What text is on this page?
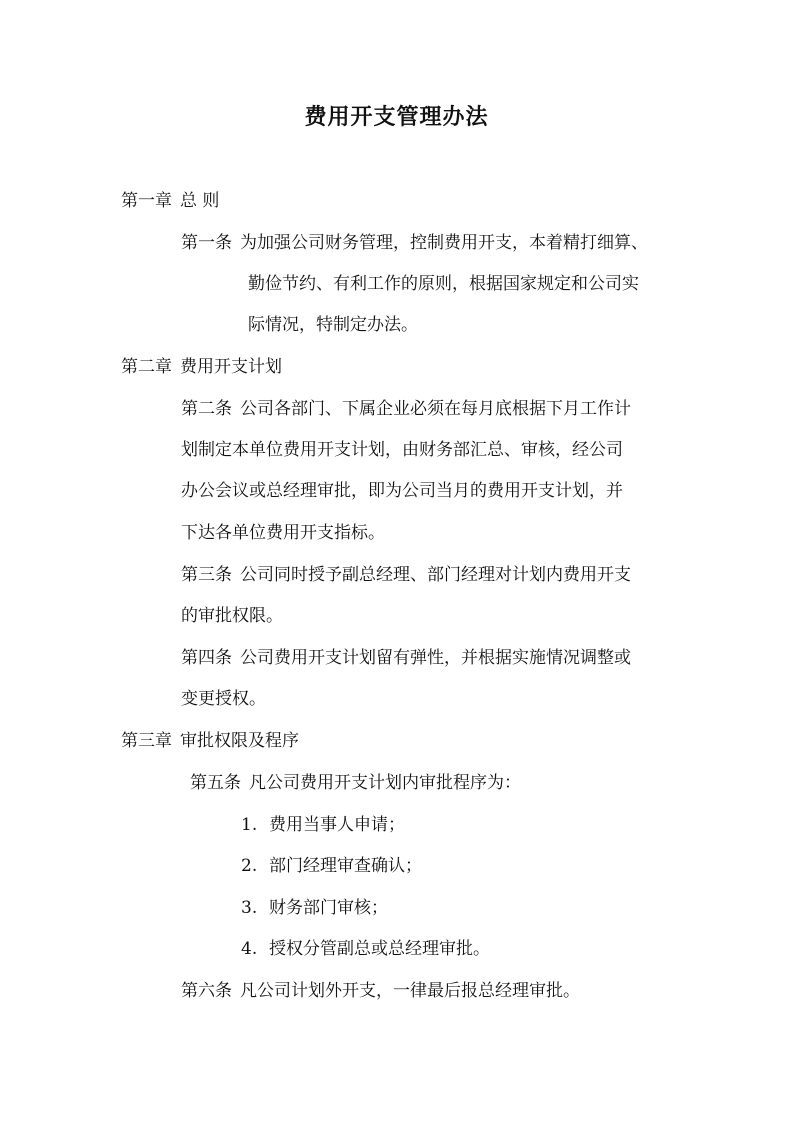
费用开支管理办法
第一章 总 则
第一条 为加强公司财务管理，控制费用开支，本着精打细算、
勤俭节约、有利工作的原则，根据国家规定和公司实
际情况，特制定办法。
第二章 费用开支计划
第二条 公司各部门、下属企业必须在每月底根据下月工作计
划制定本单位费用开支计划，由财务部汇总、审核，经公司
办公会议或总经理审批，即为公司当月的费用开支计划，并
下达各单位费用开支指标。
第三条 公司同时授予副总经理、部门经理对计划内费用开支
的审批权限。
第四条 公司费用开支计划留有弹性，并根据实施情况调整或
变更授权。
第三章 审批权限及程序
第五条 凡公司费用开支计划内审批程序为：
1. 费用当事人申请；
2. 部门经理审查确认；
3. 财务部门审核；
4. 授权分管副总或总经理审批。
第六条 凡公司计划外开支，一律最后报总经理审批。
